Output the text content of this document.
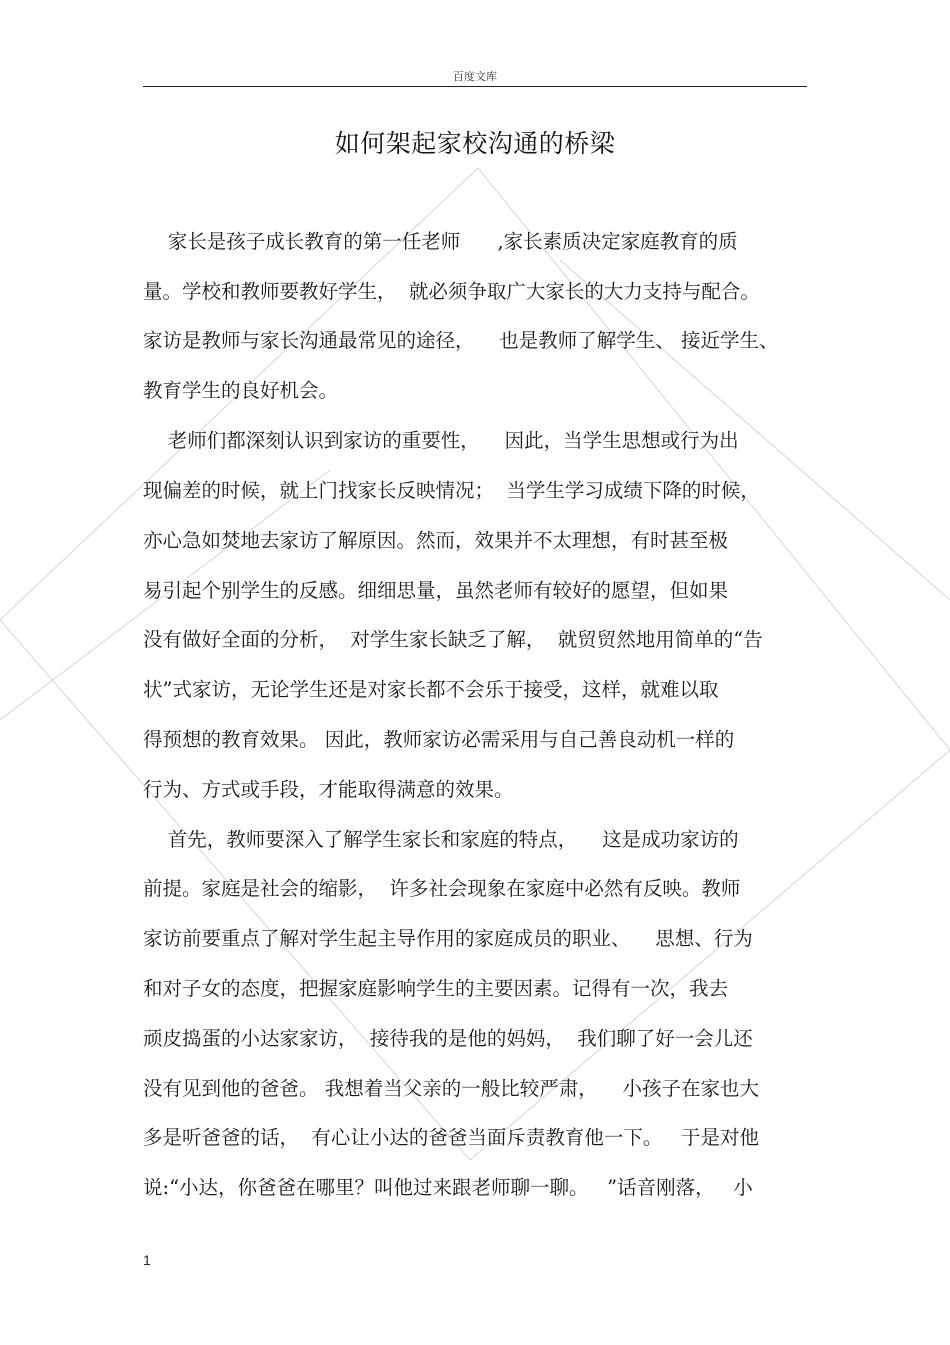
百度文库
如何架起家校沟通的桥梁
家长是孩子成长教育的第一任老师      ,家长素质决定家庭教育的质
量。学校和教师要教好学生，  就必须争取广大家长的大力支持与配合。
家访是教师与家长沟通最常见的途径，    也是教师了解学生、 接近学生、
教育学生的良好机会。
老师们都深刻认识到家访的重要性，    因此，当学生思想或行为出
现偏差的时候，就上门找家长反映情况；  当学生学习成绩下降的时候，
亦心急如焚地去家访了解原因。然而，效果并不太理想，有时甚至极
易引起个别学生的反感。细细思量，虽然老师有较好的愿望，但如果
没有做好全面的分析，  对学生家长缺乏了解，  就贸贸然地用简单的“告
状”式家访，无论学生还是对家长都不会乐于接受，这样，就难以取
得预想的教育效果。 因此，教师家访必需采用与自己善良动机一样的
行为、方式或手段，才能取得满意的效果。
首先，教师要深入了解学生家长和家庭的特点，    这是成功家访的
前提。家庭是社会的缩影，  许多社会现象在家庭中必然有反映。教师
家访前要重点了解对学生起主导作用的家庭成员的职业、    思想、行为
和对子女的态度，把握家庭影响学生的主要因素。记得有一次，我去
顽皮捣蛋的小达家家访，  接待我的是他的妈妈，  我们聊了好一会儿还
没有见到他的爸爸。 我想着当父亲的一般比较严肃，    小孩子在家也大
多是听爸爸的话，  有心让小达的爸爸当面斥责教育他一下。   于是对他
说:“小达，你爸爸在哪里？叫他过来跟老师聊一聊。   ”话音刚落，   小
1
